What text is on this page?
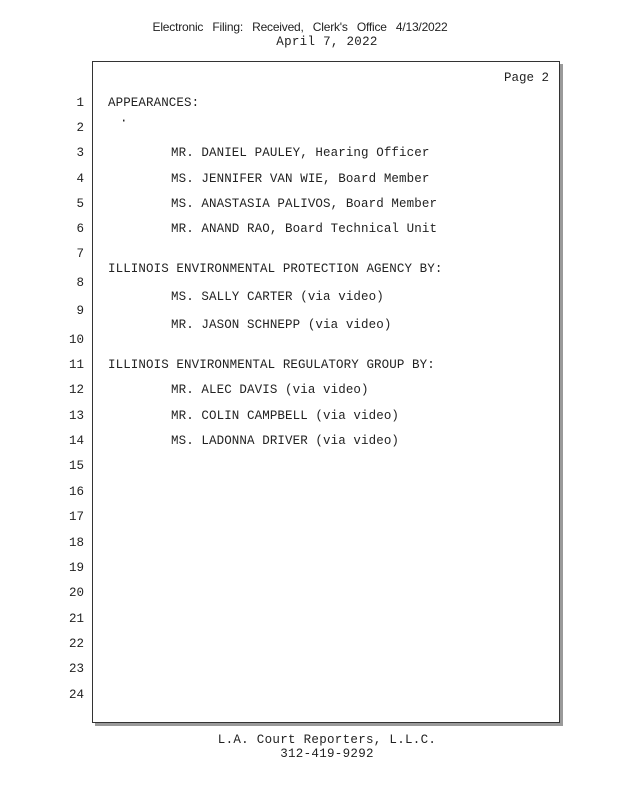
Electronic Filing: Received, Clerk's Office 4/13/2022
April 7, 2022
Page 2
1
2
3
4
5
6
7
8
9
10
11
12
13
14
15
16
17
18
19
20
21
22
23
24
APPEARANCES:
·
MR. DANIEL PAULEY, Hearing Officer
MS. JENNIFER VAN WIE, Board Member
MS. ANASTASIA PALIVOS, Board Member
MR. ANAND RAO, Board Technical Unit
ILLINOIS ENVIRONMENTAL PROTECTION AGENCY BY:
MS. SALLY CARTER (via video)
MR. JASON SCHNEPP (via video)
ILLINOIS ENVIRONMENTAL REGULATORY GROUP BY:
MR. ALEC DAVIS (via video)
MR. COLIN CAMPBELL (via video)
MS. LADONNA DRIVER (via video)
L.A. Court Reporters, L.L.C.
312-419-9292
